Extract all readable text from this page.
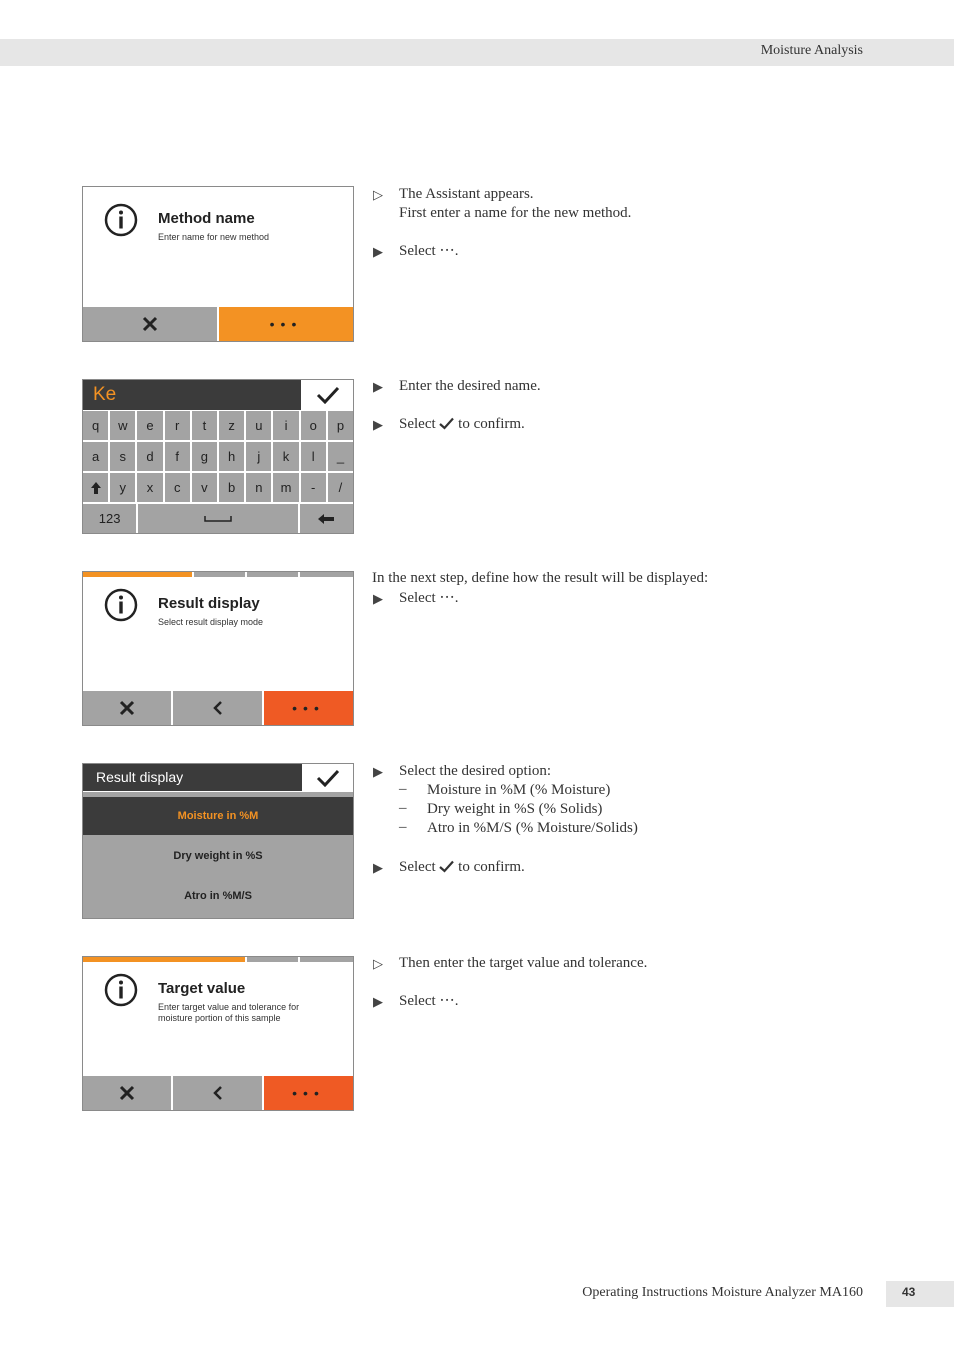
Moisture Analysis
Method name
Enter name for new method
•••
Ke
q	w	e	r	t	z	u	i	o	p
a	s	d	f	g	h	j	k	l	_
y	x	c	v	b	n	m	-	/
123
Result display
Select result display mode
•••
Result display
Moisture in %M
Dry weight in %S
Atro in %M/S
Target value
Enter target value and tolerance for moisture portion of this sample
•••
▷ The Assistant appears.
First enter a name for the new method.
▶ Select ⋅⋅⋅.
▶ Enter the desired name.
▶ Select to confirm.
In the next step, define how the result will be displayed:
▶ Select ⋅⋅⋅.
▶ Select the desired option:
– Moisture in %M (% Moisture)
– Dry weight in %S (% Solids)
– Atro in %M/S (% Moisture/Solids)
▶ Select to confirm.
▷ Then enter the target value and tolerance.
▶ Select ⋅⋅⋅.
Operating Instructions Moisture Analyzer MA160	43
